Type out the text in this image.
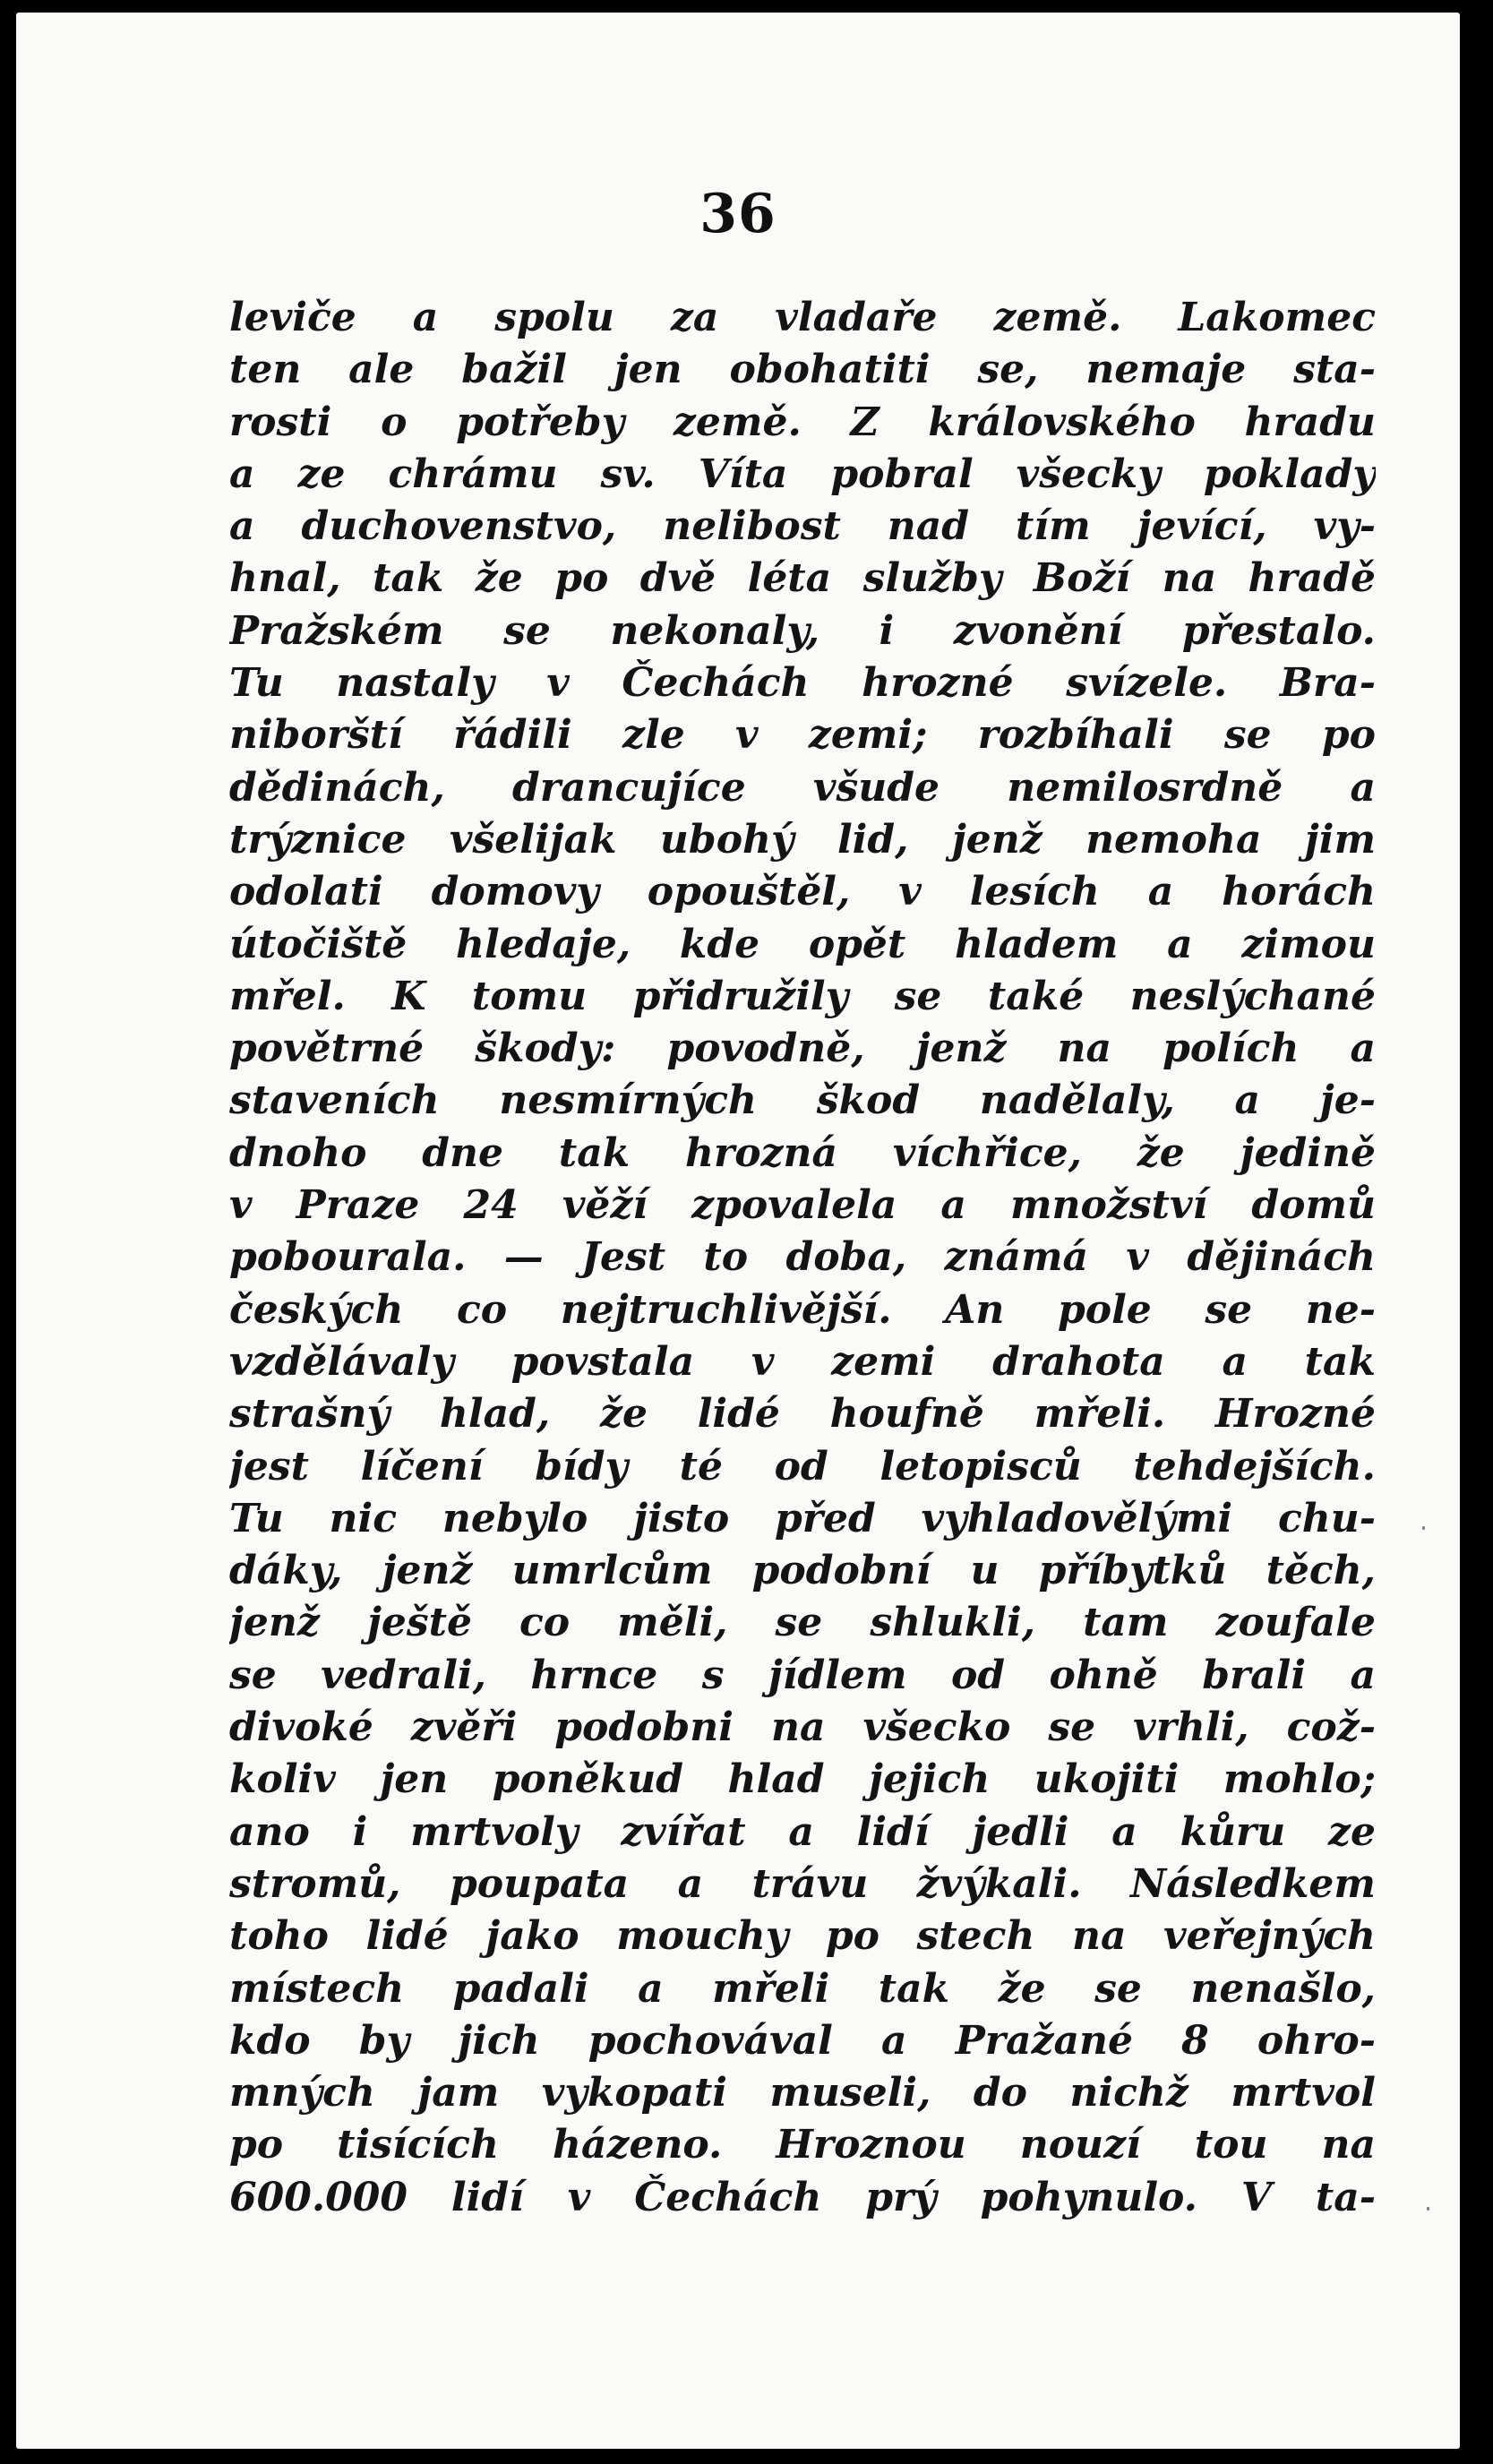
36
leviče a spolu za vladaře země. Lakomec
ten ale bažil jen obohatiti se, nemaje sta-
rosti o potřeby země. Z královského hradu
a ze chrámu sv. Víta pobral všecky poklady
a duchovenstvo, nelibost nad tím jevící, vy-
hnal, tak že po dvě léta služby Boží na hradě
Pražském se nekonaly, i zvonění přestalo.
Tu nastaly v Čechách hrozné svízele. Bra-
niborští řádili zle v zemi; rozbíhali se po
dědinách, drancujíce všude nemilosrdně a
trýznice všelijak ubohý lid, jenž nemoha jim
odolati domovy opouštěl, v lesích a horách
útočiště hledaje, kde opět hladem a zimou
mřel. K tomu přidružily se také neslýchané
povětrné škody: povodně, jenž na polích a
staveních nesmírných škod nadělaly, a je-
dnoho dne tak hrozná víchřice, že jedině
v Praze 24 věží zpovalela a množství domů
pobourala. — Jest to doba, známá v dějinách
českých co nejtruchlivější. An pole se ne-
vzdělávaly povstala v zemi drahota a tak
strašný hlad, že lidé houfně mřeli. Hrozné
jest líčení bídy té od letopisců tehdejších.
Tu nic nebylo jisto před vyhladovělými chu-
dáky, jenž umrlcům podobní u příbytků těch,
jenž ještě co měli, se shlukli, tam zoufale
se vedrali, hrnce s jídlem od ohně brali a
divoké zvěři podobni na všecko se vrhli, což-
koliv jen poněkud hlad jejich ukojiti mohlo;
ano i mrtvoly zvířat a lidí jedli a kůru ze
stromů, poupata a trávu žvýkali. Následkem
toho lidé jako mouchy po stech na veřejných
místech padali a mřeli tak že se nenašlo,
kdo by jich pochovával a Pražané 8 ohro-
mných jam vykopati museli, do nichž mrtvol
po tisících házeno. Hroznou nouzí tou na
600.000 lidí v Čechách prý pohynulo. V ta-
